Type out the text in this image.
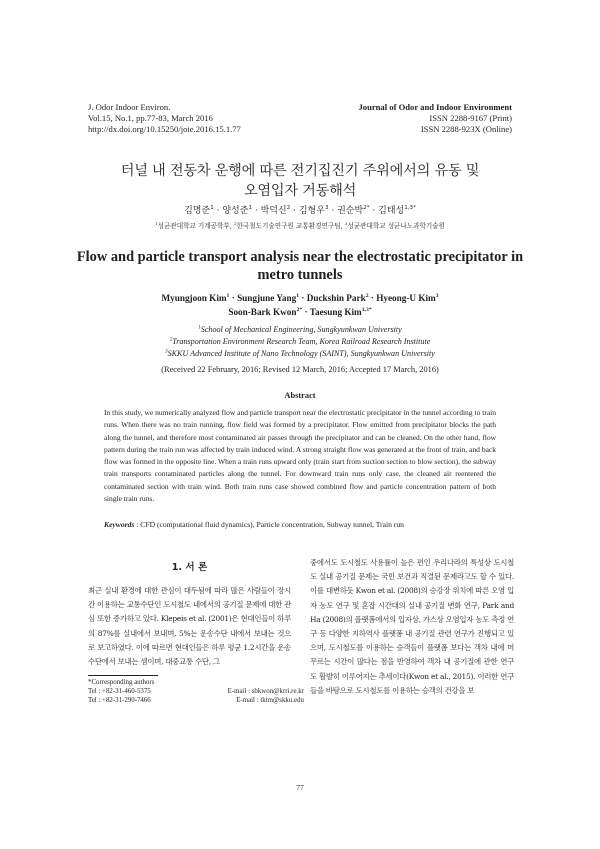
J. Odor Indoor Environ.
Vol.15, No.1, pp.77-83, March 2016
http://dx.doi.org/10.15250/joie.2016.15.1.77
Journal of Odor and Indoor Environment
ISSN 2288-9167 (Print)
ISSN 2288-923X (Online)
터널 내 전동차 운행에 따른 전기집진기 주위에서의 유동 및
오염입자 거동해석
김명준$^1$ · 양성준$^1$ · 박덕신$^2$ · 김형우$^3$ · 권순박$^{2*}$ · 김태성$^{1,3*}$
$^1$성균관대학교 기계공학부, $^2$한국철도기술연구원 교통환경연구팀, $^3$성균관대학교 성균나노과학기술원
Flow and particle transport analysis near the electrostatic precipitator in metro tunnels
Myungjoon Kim$^1$ · Sungjune Yang$^1$ · Duckshin Park$^2$ · Hyeong-U Kim$^3$
Soon-Bark Kwon$^{2*}$ · Taesung Kim$^{1,3*}$
$^1$School of Mechanical Engineering, Sungkyunkwan University
$^2$Transportation Environment Research Team, Korea Railroad Research Institute
$^3$SKKU Advanced Institute of Nano Technology (SAINT), Sungkyunkwan University
(Received 22 February, 2016; Revised 12 March, 2016; Accepted 17 March, 2016)
Abstract
In this study, we numerically analyzed flow and particle transport near the electrostatic precipitator in the tunnel according to train runs. When there was no train running, flow field was formed by a precipitator. Flow emitted from precipitator blocks the path along the tunnel, and therefore most contaminated air passes through the precipitator and can be cleaned. On the other hand, flow pattern during the train run was affected by train induced wind. A strong straight flow was generated at the front of train, and back flow was formed in the opposite line. When a train runs upward only (train start from suction section to blow section), the subway train transports contaminated particles along the tunnel. For downward train runs only case, the cleaned air reentered the contaminated section with train wind. Both train runs case showed combined flow and particle concentration pattern of both single train runs.
Keywords : CFD (computational fluid dynamics), Particle concentration, Subway tunnel, Train run
1. 서 론
최근 실내 환경에 대한 관심이 대두됨에 따라 많은 사람들이 장시간 이용하는 교통수단인 도시철도 내에서의 공기질 문제에 대한 관심 또한 증가하고 있다. Klepeis et al. (2001)은 현대인들이 하루의 87%를 실내에서 보내며, 5%는 운송수단 내에서 보내는 것으로 보고하였다. 이에 따르면 현대인들은 하루 평균 1.2시간을 운송수단에서 보내는 셈이며, 대중교통 수단, 그
중에서도 도시철도 사용률이 높은 편인 우리나라의 특성상 도시철도 실내 공기질 문제는 국민 보건과 직결된 문제라고도 할 수 있다. 이를 대변하듯 Kwon et al. (2008)의 승강장 위치에 따른 오염 입자 농도 연구 및 혼잡 시간대의 실내 공기질 변화 연구, Park and Ha (2008)의 플랫폼에서의 입자상, 가스상 오염입자 농도 측정 연구 등 다양한 지하역사 플랫폼 내 공기질 관련 연구가 진행되고 있으며, 도시철도를 이용하는 승객들이 플랫폼 보다는 객차 내에 머무르는 시간이 많다는 점을 반영하여 객차 내 공기질에 관한 연구도 활발히 이루어지는 추세이다(Kwon et al., 2015). 이러한 연구들을 바탕으로 도시철도를 이용하는 승객의 건강을 보
*Corresponding authors
Tel : +82-31-460-5375	E-mail : sbkwon@krri.re.kr
Tel : +82-31-290-7466	E-mail : tkim@skku.edu
77
